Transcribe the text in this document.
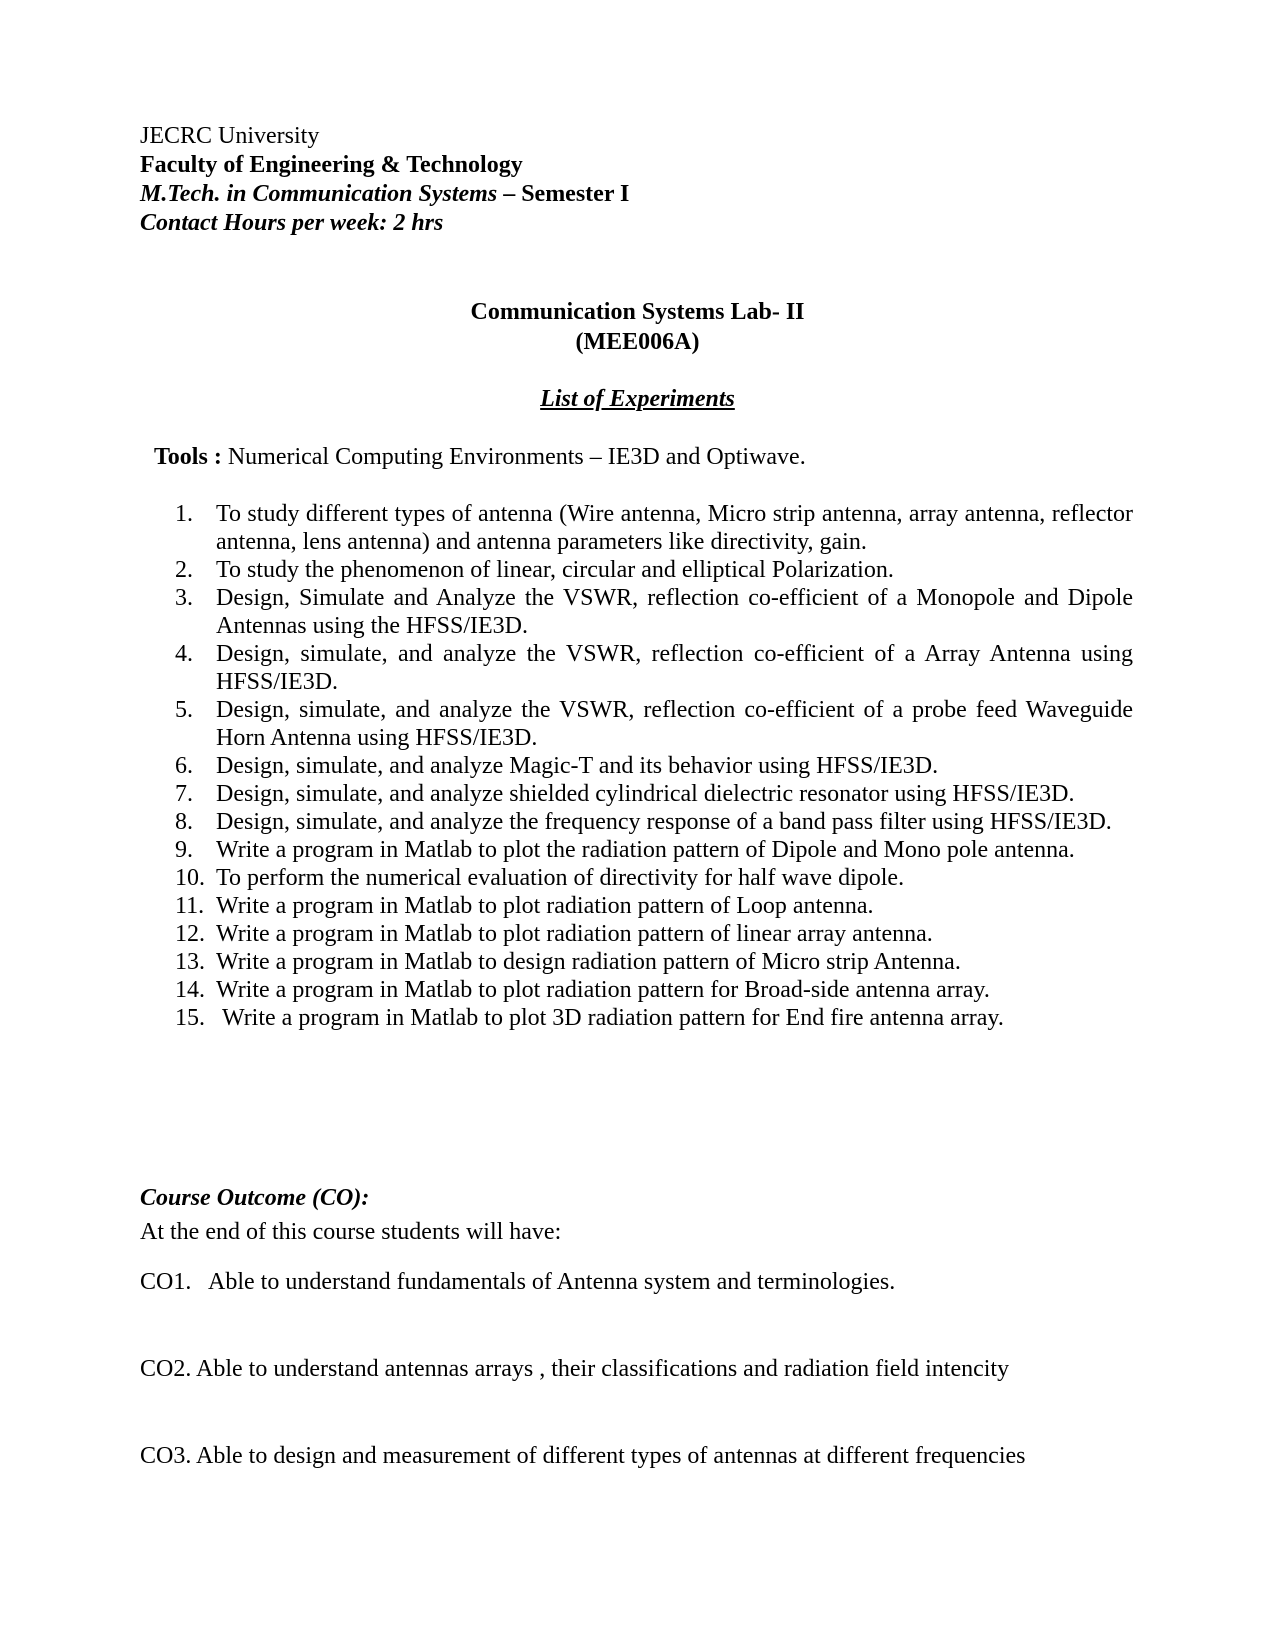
JECRC University
Faculty of Engineering & Technology
M.Tech. in Communication Systems – Semester I
Contact Hours per week: 2 hrs
Communication Systems Lab- II
(MEE006A)
List of Experiments
Tools : Numerical Computing Environments – IE3D and Optiwave.
1. To study different types of antenna (Wire antenna, Micro strip antenna, array antenna, reflector antenna, lens antenna) and antenna parameters like directivity, gain.
2. To study the phenomenon of linear, circular and elliptical Polarization.
3. Design, Simulate and Analyze the VSWR, reflection co-efficient of a Monopole and Dipole Antennas using the HFSS/IE3D.
4. Design, simulate, and analyze the VSWR, reflection co-efficient of a Array Antenna using HFSS/IE3D.
5. Design, simulate, and analyze the VSWR, reflection co-efficient of a probe feed Waveguide Horn Antenna using HFSS/IE3D.
6. Design, simulate, and analyze Magic-T and its behavior using HFSS/IE3D.
7. Design, simulate, and analyze shielded cylindrical dielectric resonator using HFSS/IE3D.
8. Design, simulate, and analyze the frequency response of a band pass filter using HFSS/IE3D.
9. Write a program in Matlab to plot the radiation pattern of Dipole and Mono pole antenna.
10. To perform the numerical evaluation of directivity for half wave dipole.
11. Write a program in Matlab to plot radiation pattern of Loop antenna.
12. Write a program in Matlab to plot radiation pattern of linear array antenna.
13. Write a program in Matlab to design radiation pattern of Micro strip Antenna.
14. Write a program in Matlab to plot radiation pattern for Broad-side antenna array.
15. Write a program in Matlab to plot 3D radiation pattern for End fire antenna array.
Course Outcome (CO):
At the end of this course students will have:
CO1.   Able to understand fundamentals of Antenna system and terminologies.
CO2. Able to understand antennas arrays , their classifications and radiation field intencity
CO3. Able to design and measurement of different types of antennas at different frequencies
